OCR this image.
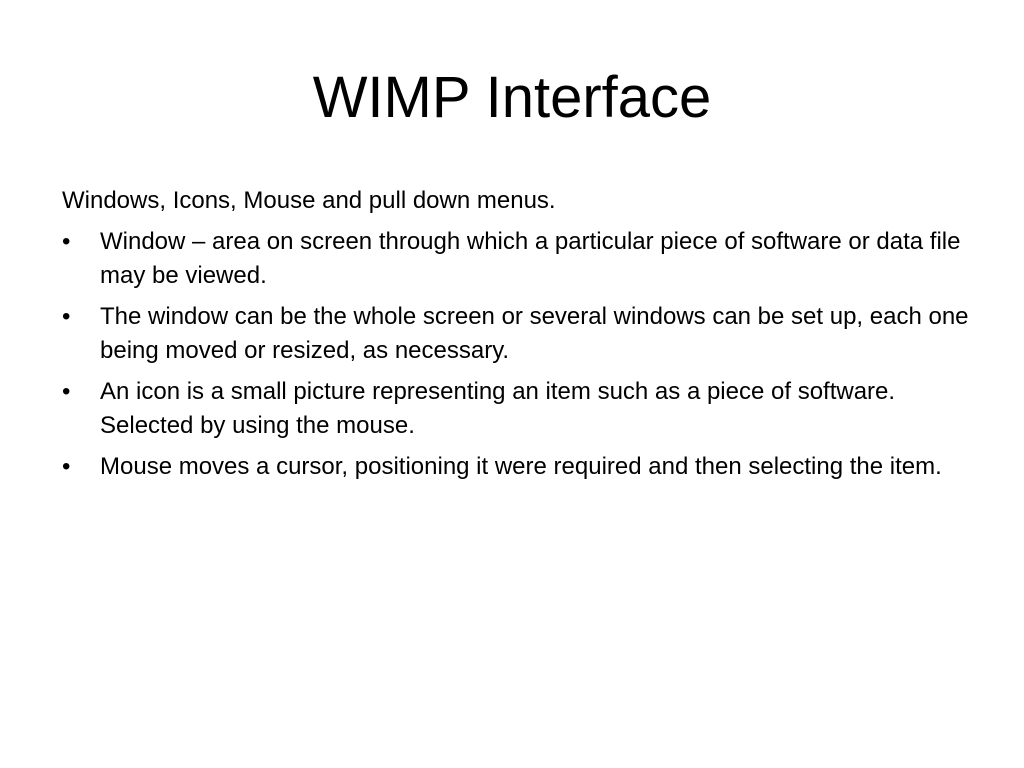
WIMP Interface

Windows, Icons, Mouse and pull down menus.

•	Window – area on screen through which a particular piece of software or data file may be viewed.
•	The window can be the whole screen or several windows can be set up, each one being moved or resized, as necessary.
•	An icon is a small picture representing an item such as a piece of software. Selected by using the mouse.
•	Mouse moves a cursor, positioning it were required and then selecting the item.
